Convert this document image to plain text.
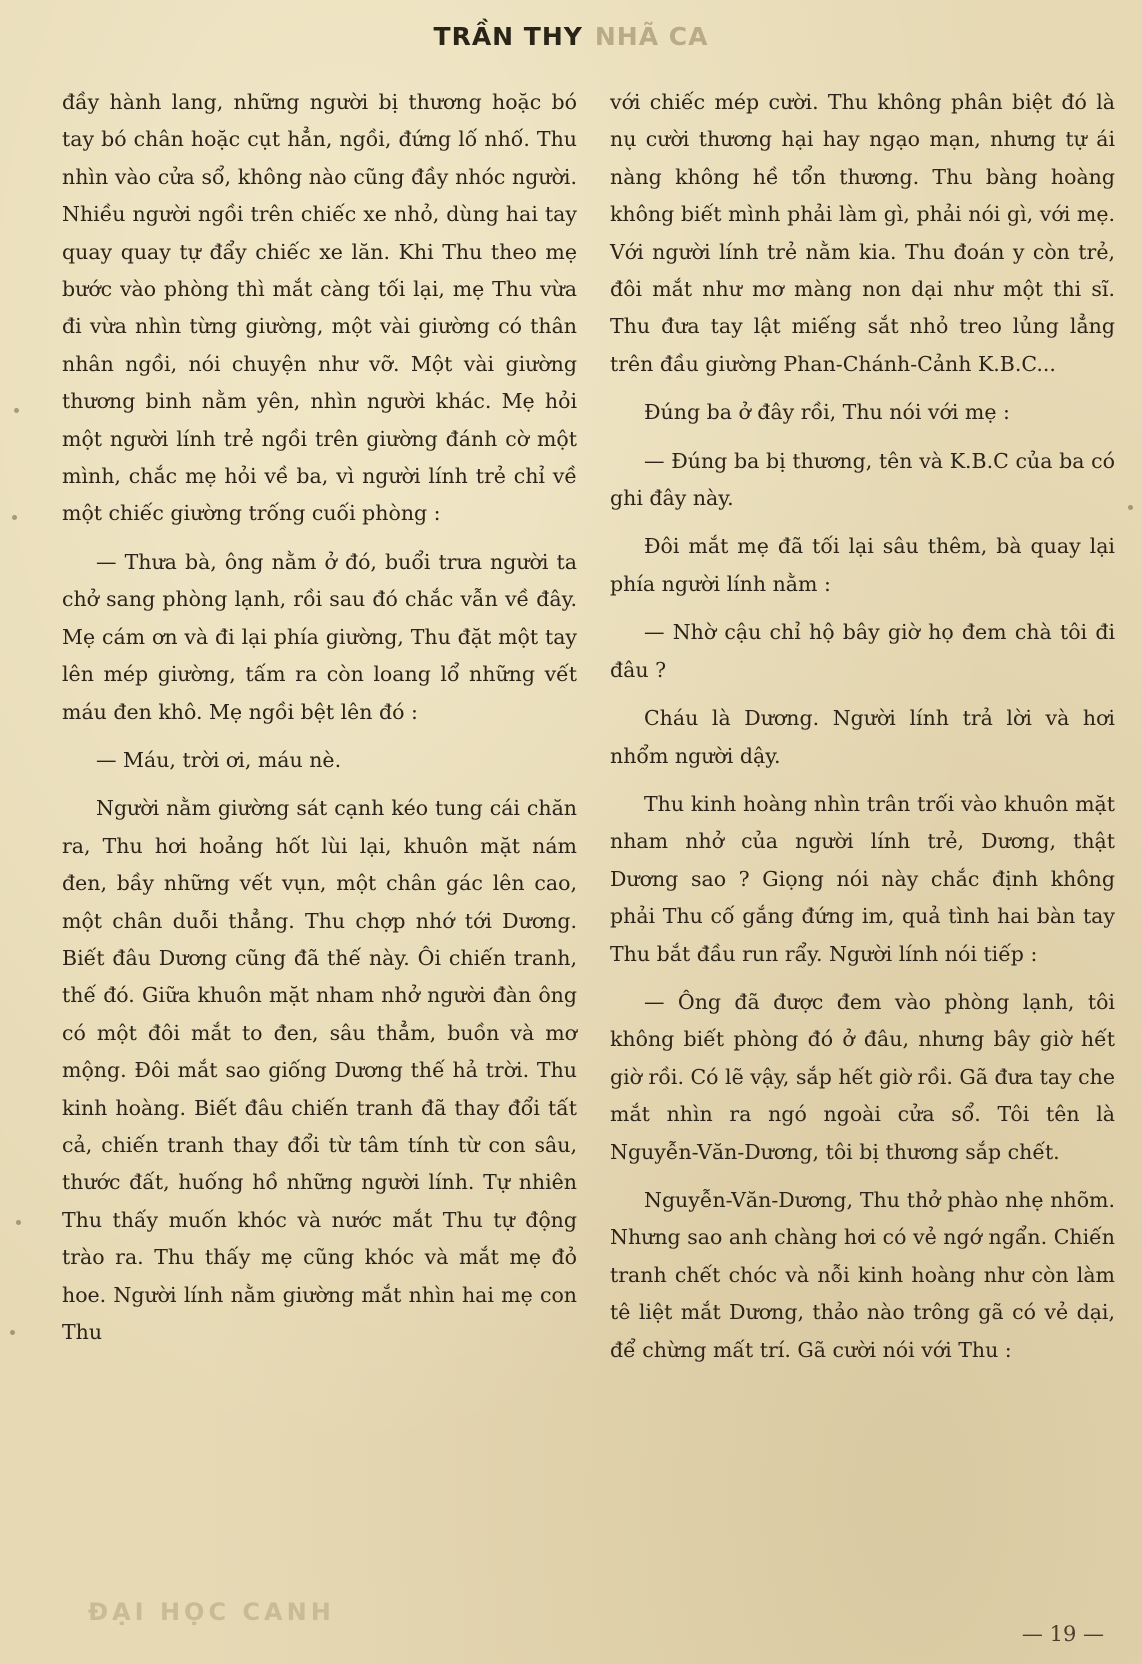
TRẦN THY NHÃ CA

đầy hành lang, những người bị thương hoặc bó tay bó chân hoặc cụt hẳn, ngồi, đứng lố nhố. Thu nhìn vào cửa sổ, không nào cũng đầy nhóc người. Nhiều người ngồi trên chiếc xe nhỏ, dùng hai tay quay quay tự đẩy chiếc xe lăn. Khi Thu theo mẹ bước vào phòng thì mắt càng tối lại, mẹ Thu vừa đi vừa nhìn từng giường, một vài giường có thân nhân ngồi, nói chuyện như vỡ. Một vài giường thương binh nằm yên, nhìn người khác. Mẹ hỏi một người lính trẻ ngồi trên giường đánh cờ một mình, chắc mẹ hỏi về ba, vì người lính trẻ chỉ về một chiếc giường trống cuối phòng :

— Thưa bà, ông nằm ở đó, buổi trưa người ta chở sang phòng lạnh, rồi sau đó chắc vẫn về đây. Mẹ cám ơn và đi lại phía giường, Thu đặt một tay lên mép giường, tấm ra còn loang lổ những vết máu đen khô. Mẹ ngồi bệt lên đó :

— Máu, trời ơi, máu nè.

Người nằm giường sát cạnh kéo tung cái chăn ra, Thu hơi hoảng hốt lùi lại, khuôn mặt nám đen, bầy những vết vụn, một chân gác lên cao, một chân duỗi thẳng. Thu chợp nhớ tới Dương. Biết đâu Dương cũng đã thế này. Ôi chiến tranh, thế đó. Giữa khuôn mặt nham nhở người đàn ông có một đôi mắt to đen, sâu thẳm, buồn và mơ mộng. Đôi mắt sao giống Dương thế hả trời. Thu kinh hoàng. Biết đâu chiến tranh đã thay đổi tất cả, chiến tranh thay đổi từ tâm tính từ con sâu, thước đất, huống hồ những người lính. Tự nhiên Thu thấy muốn khóc và nước mắt Thu tự động trào ra. Thu thấy mẹ cũng khóc và mắt mẹ đỏ hoe. Người lính nằm giường mắt nhìn hai mẹ con Thu

với chiếc mép cười. Thu không phân biệt đó là nụ cười thương hại hay ngạo mạn, nhưng tự ái nàng không hề tổn thương. Thu bàng hoàng không biết mình phải làm gì, phải nói gì, với mẹ. Với người lính trẻ nằm kia. Thu đoán y còn trẻ, đôi mắt như mơ màng non dại như một thi sĩ. Thu đưa tay lật miếng sắt nhỏ treo lủng lẳng trên đầu giường Phan-Chánh-Cảnh K.B.C...

Đúng ba ở đây rồi, Thu nói với mẹ :

— Đúng ba bị thương, tên và K.B.C của ba có ghi đây này.

Đôi mắt mẹ đã tối lại sâu thêm, bà quay lại phía người lính nằm :

— Nhờ cậu chỉ hộ bây giờ họ đem chà tôi đi đâu ?

Cháu là Dương. Người lính trả lời và hơi nhổm người dậy.

Thu kinh hoàng nhìn trân trối vào khuôn mặt nham nhở của người lính trẻ, Dương, thật Dương sao ? Giọng nói này chắc định không phải Thu cố gắng đứng im, quả tình hai bàn tay Thu bắt đầu run rẩy. Người lính nói tiếp :

— Ông đã được đem vào phòng lạnh, tôi không biết phòng đó ở đâu, nhưng bây giờ hết giờ rồi. Có lẽ vậy, sắp hết giờ rồi. Gã đưa tay che mắt nhìn ra ngó ngoài cửa sổ. Tôi tên là Nguyễn-Văn-Dương, tôi bị thương sắp chết.

Nguyễn-Văn-Dương, Thu thở phào nhẹ nhõm. Nhưng sao anh chàng hơi có vẻ ngớ ngẩn. Chiến tranh chết chóc và nỗi kinh hoàng như còn làm tê liệt mắt Dương, thảo nào trông gã có vẻ dại, để chừng mất trí. Gã cười nói với Thu :

ĐẠI HỌC CANH
— 19 —
